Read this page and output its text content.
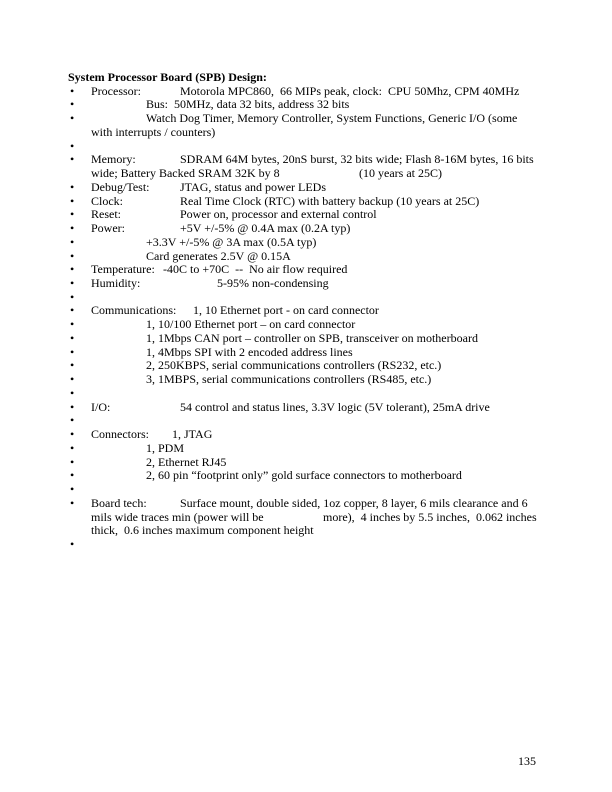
System Processor Board (SPB) Design:
• Processor:	Motorola MPC860,  66 MIPs peak, clock:  CPU 50Mhz, CPM 40MHz
•	Bus:  50MHz, data 32 bits, address 32 bits
•	Watch Dog Timer, Memory Controller, System Functions, Generic I/O (some
with interrupts / counters)
•
• Memory:	SDRAM 64M bytes, 20nS burst, 32 bits wide; Flash 8-16M bytes, 16 bits
wide; Battery Backed SRAM 32K by 8	(10 years at 25C)
• Debug/Test:	JTAG, status and power LEDs
• Clock:	Real Time Clock (RTC) with battery backup (10 years at 25C)
• Reset:	Power on, processor and external control
• Power:	+5V +/-5% @ 0.4A max (0.2A typ)
•	+3.3V +/-5% @ 3A max (0.5A typ)
•	Card generates 2.5V @ 0.15A
• Temperature: -40C to +70C  --  No air flow required
• Humidity:	5-95% non-condensing
•
• Communications: 1, 10 Ethernet port - on card connector
•	1, 10/100 Ethernet port – on card connector
•	1, 1Mbps CAN port – controller on SPB, transceiver on motherboard
•	1, 4Mbps SPI with 2 encoded address lines
•	2, 250KBPS, serial communications controllers (RS232, etc.)
•	3, 1MBPS, serial communications controllers (RS485, etc.)
•
• I/O:	54 control and status lines, 3.3V logic (5V tolerant), 25mA drive
•
• Connectors: 1, JTAG
•	1, PDM
•	2, Ethernet RJ45
•	2, 60 pin “footprint only” gold surface connectors to motherboard
•
• Board tech:	Surface mount, double sided, 1oz copper, 8 layer, 6 mils clearance and 6
mils wide traces min (power will be	more),  4 inches by 5.5 inches,  0.062 inches
thick,  0.6 inches maximum component height
•
135
